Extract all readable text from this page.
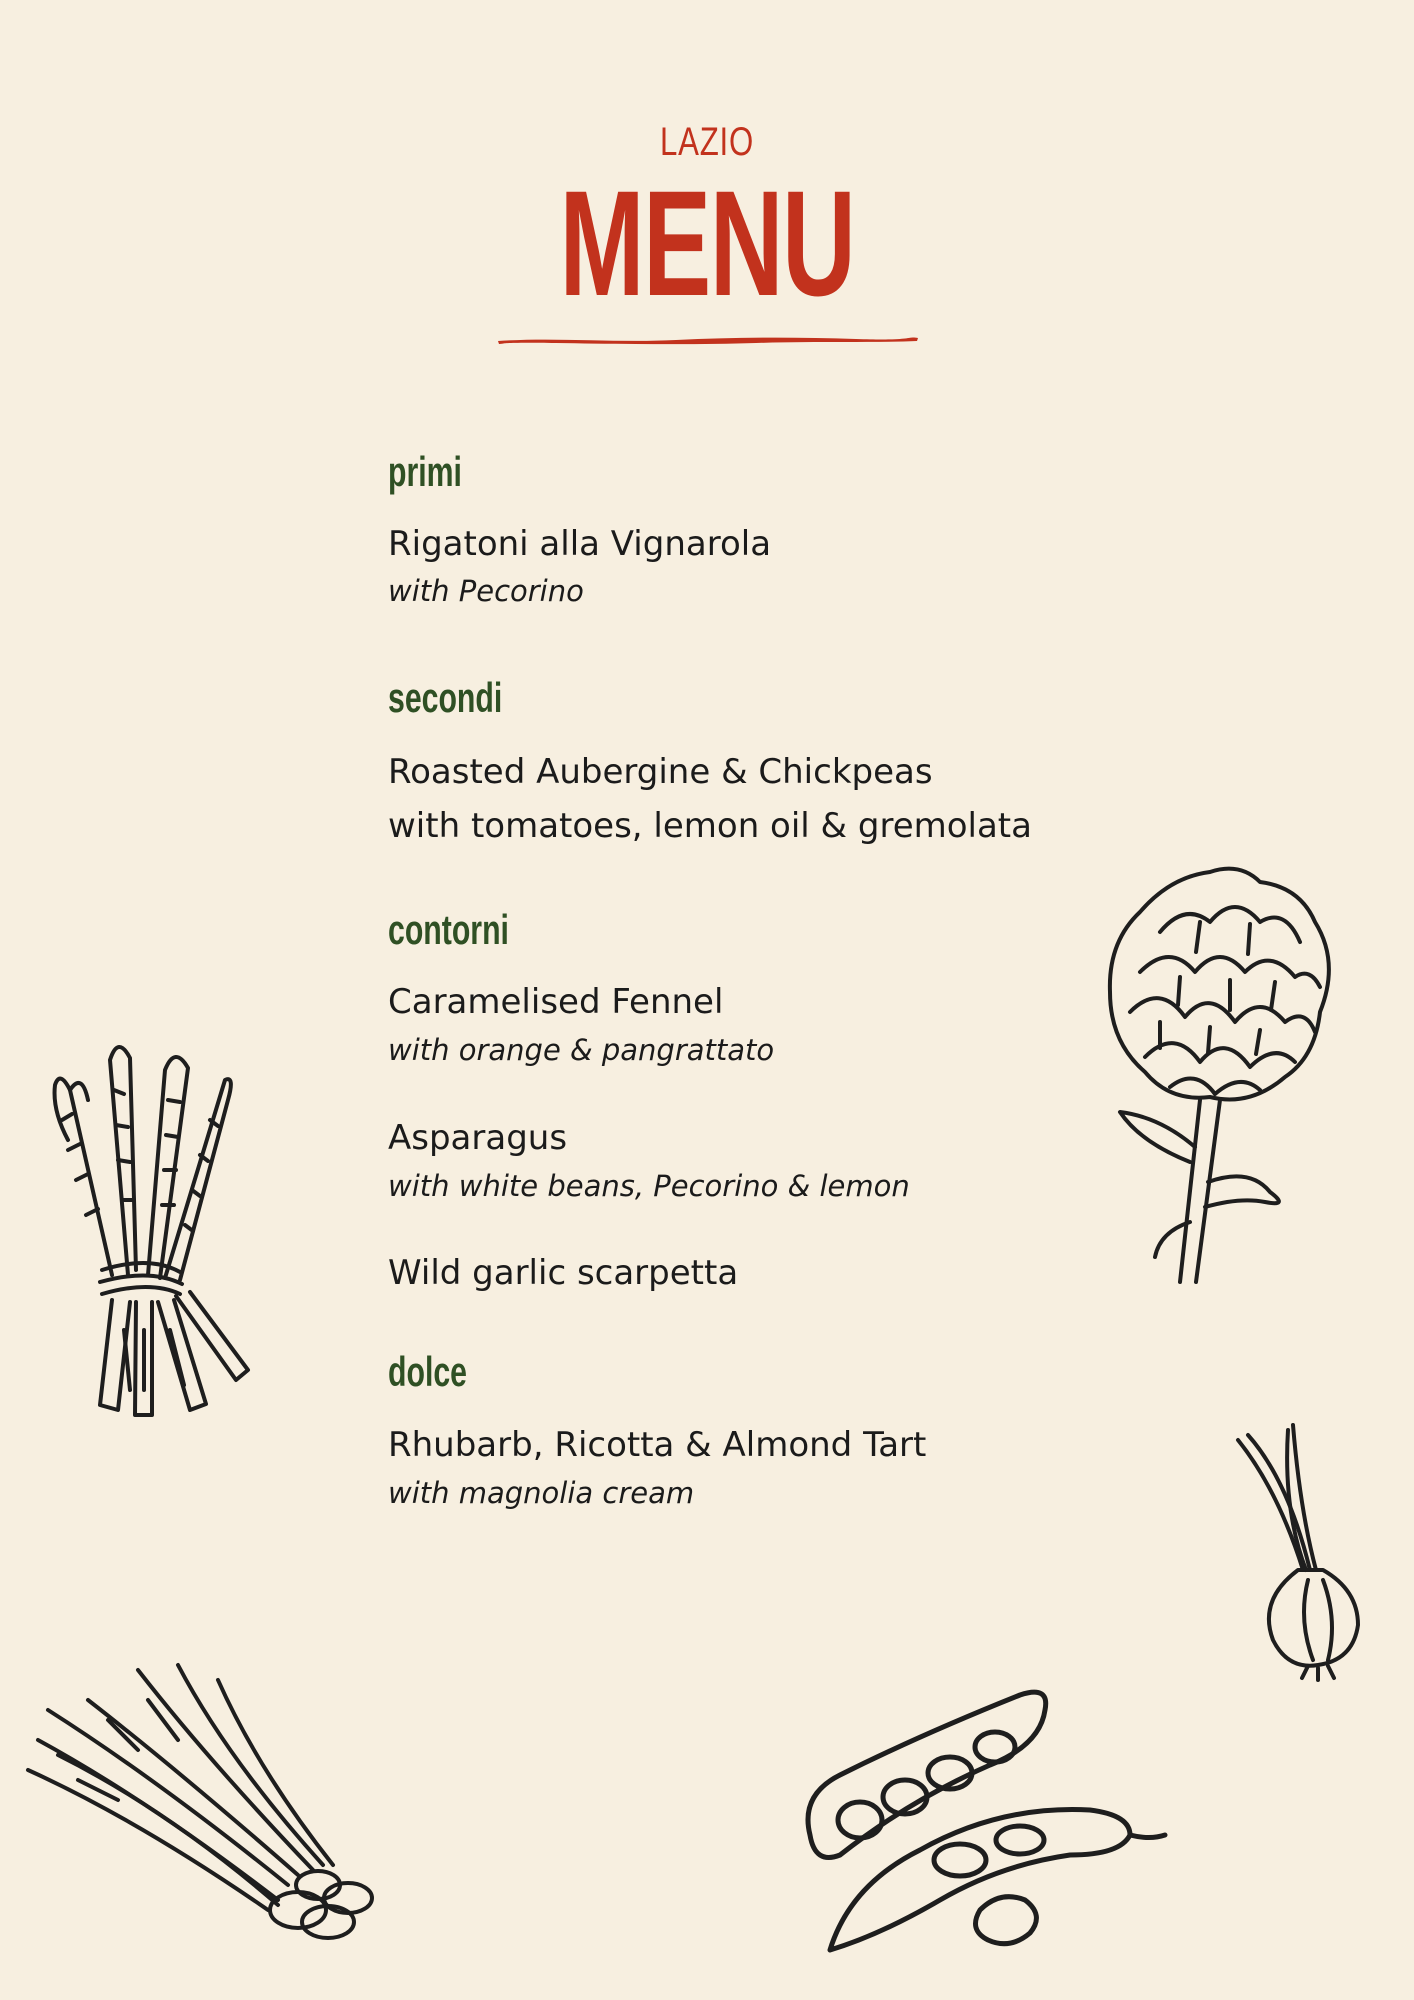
LAZIO
MENU
primi
Rigatoni alla Vignarola
with Pecorino
secondi
Roasted Aubergine & Chickpeas
with tomatoes, lemon oil & gremolata
contorni
Caramelised Fennel
with orange & pangrattato
Asparagus
with white beans, Pecorino & lemon
Wild garlic scarpetta
dolce
Rhubarb, Ricotta & Almond Tart
with magnolia cream
